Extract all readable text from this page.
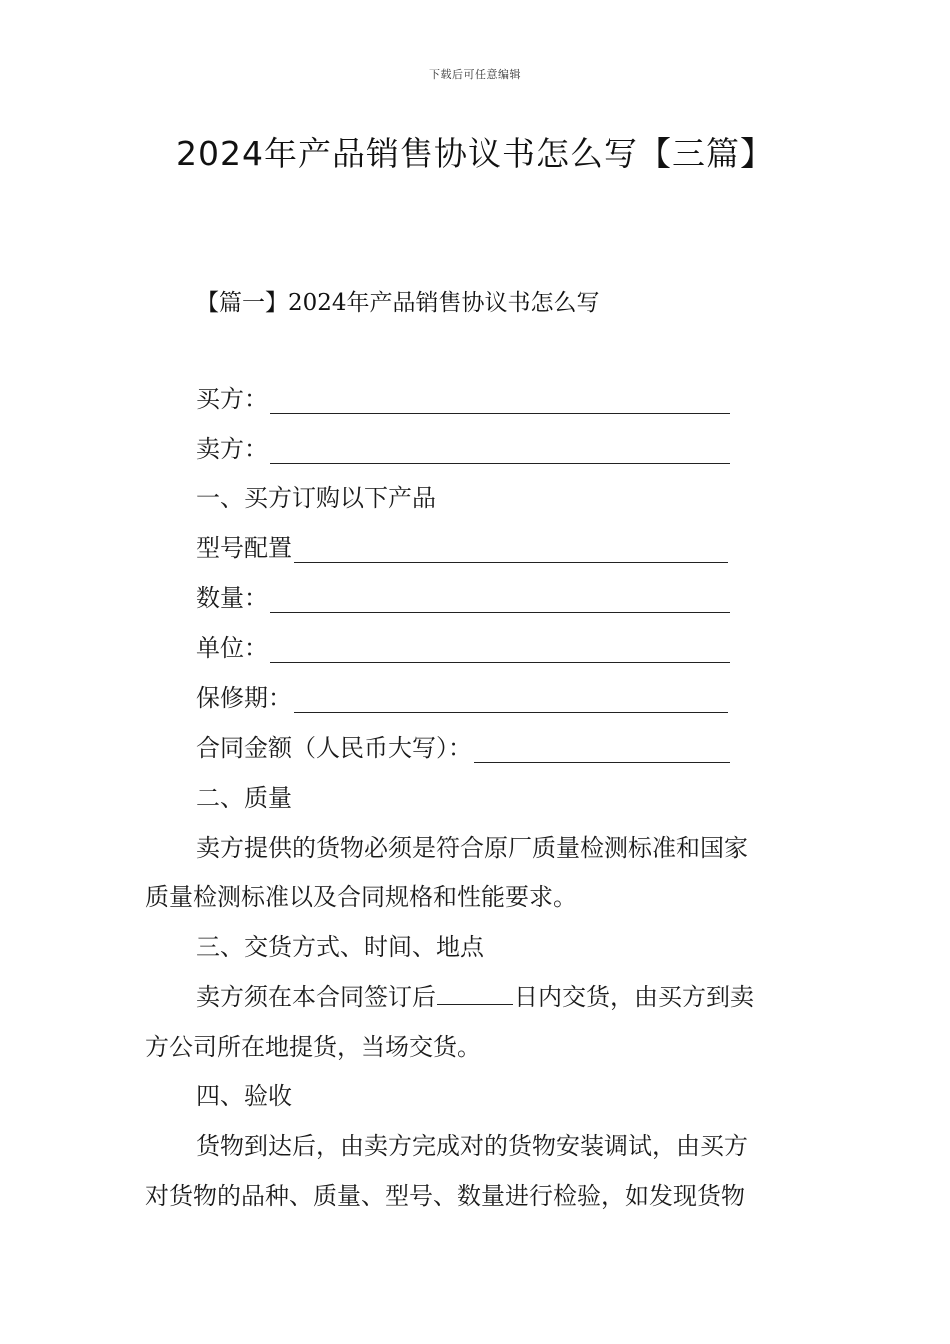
下载后可任意编辑
2024年产品销售协议书怎么写【三篇】
【篇一】2024年产品销售协议书怎么写
买方：
卖方：
一、买方订购以下产品
型号配置
数量：
单位：
保修期：
合同金额（人民币大写）：
二、质量
卖方提供的货物必须是符合原厂质量检测标准和国家
质量检测标准以及合同规格和性能要求。
三、交货方式、时间、地点
卖方须在本合同签订后	日内交货，由买方到卖
方公司所在地提货，当场交货。
四、验收
货物到达后，由卖方完成对的货物安装调试，由买方
对货物的品种、质量、型号、数量进行检验，如发现货物
